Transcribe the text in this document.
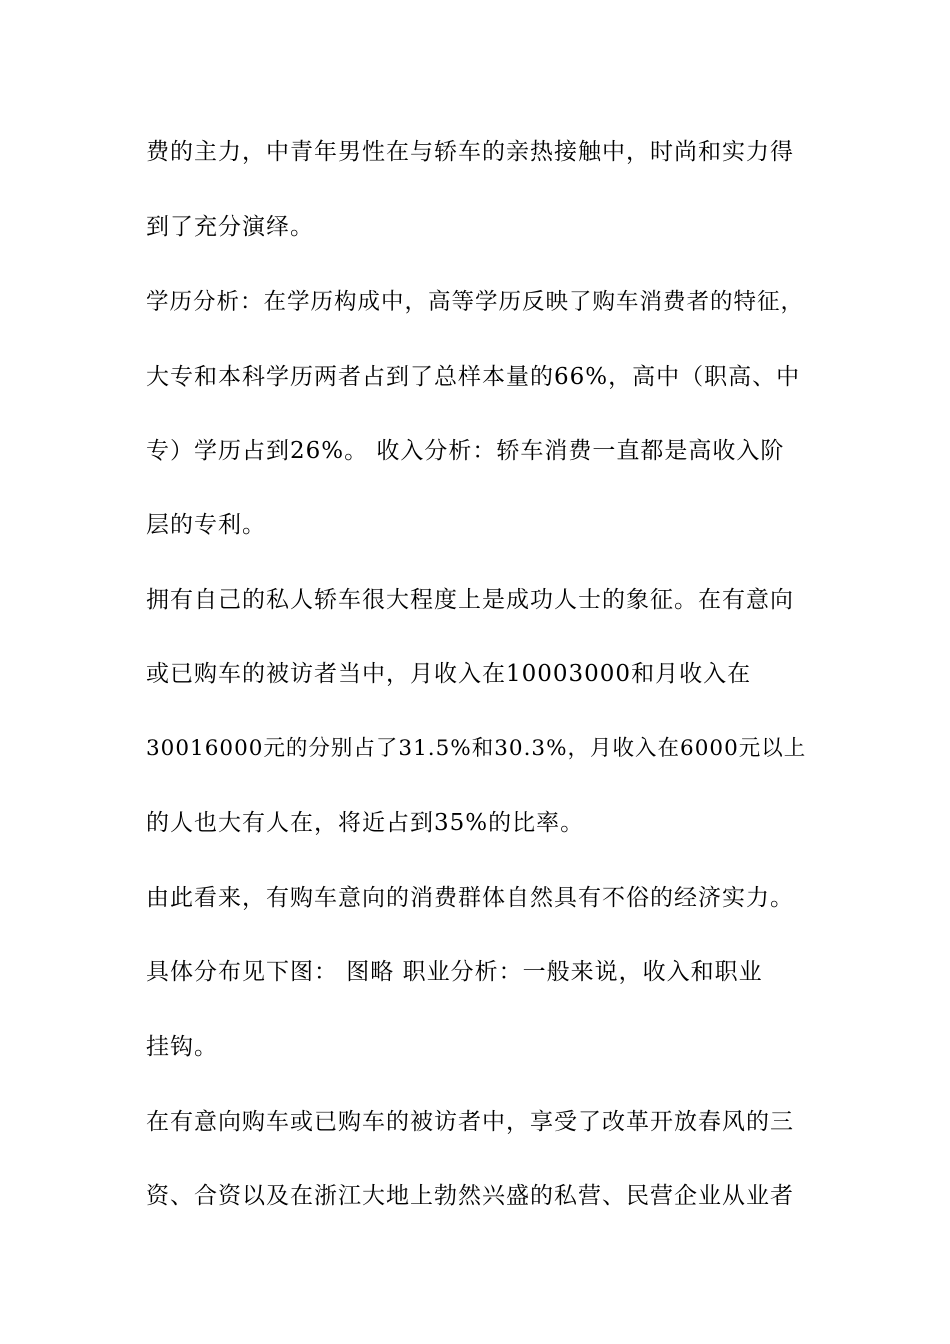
费的主力，中青年男性在与轿车的亲热接触中，时尚和实力得
到了充分演绎。
学历分析：在学历构成中，高等学历反映了购车消费者的特征，
大专和本科学历两者占到了总样本量的66%，高中（职高、中
专）学历占到26%。 收入分析：轿车消费一直都是高收入阶
层的专利。
拥有自己的私人轿车很大程度上是成功人士的象征。在有意向
或已购车的被访者当中，月收入在10003000和月收入在
30016000元的分别占了31.5%和30.3%，月收入在6000元以上
的人也大有人在，将近占到35%的比率。
由此看来，有购车意向的消费群体自然具有不俗的经济实力。
具体分布见下图： 图略 职业分析：一般来说，收入和职业
挂钩。
在有意向购车或已购车的被访者中，享受了改革开放春风的三
资、合资以及在浙江大地上勃然兴盛的私营、民营企业从业者
